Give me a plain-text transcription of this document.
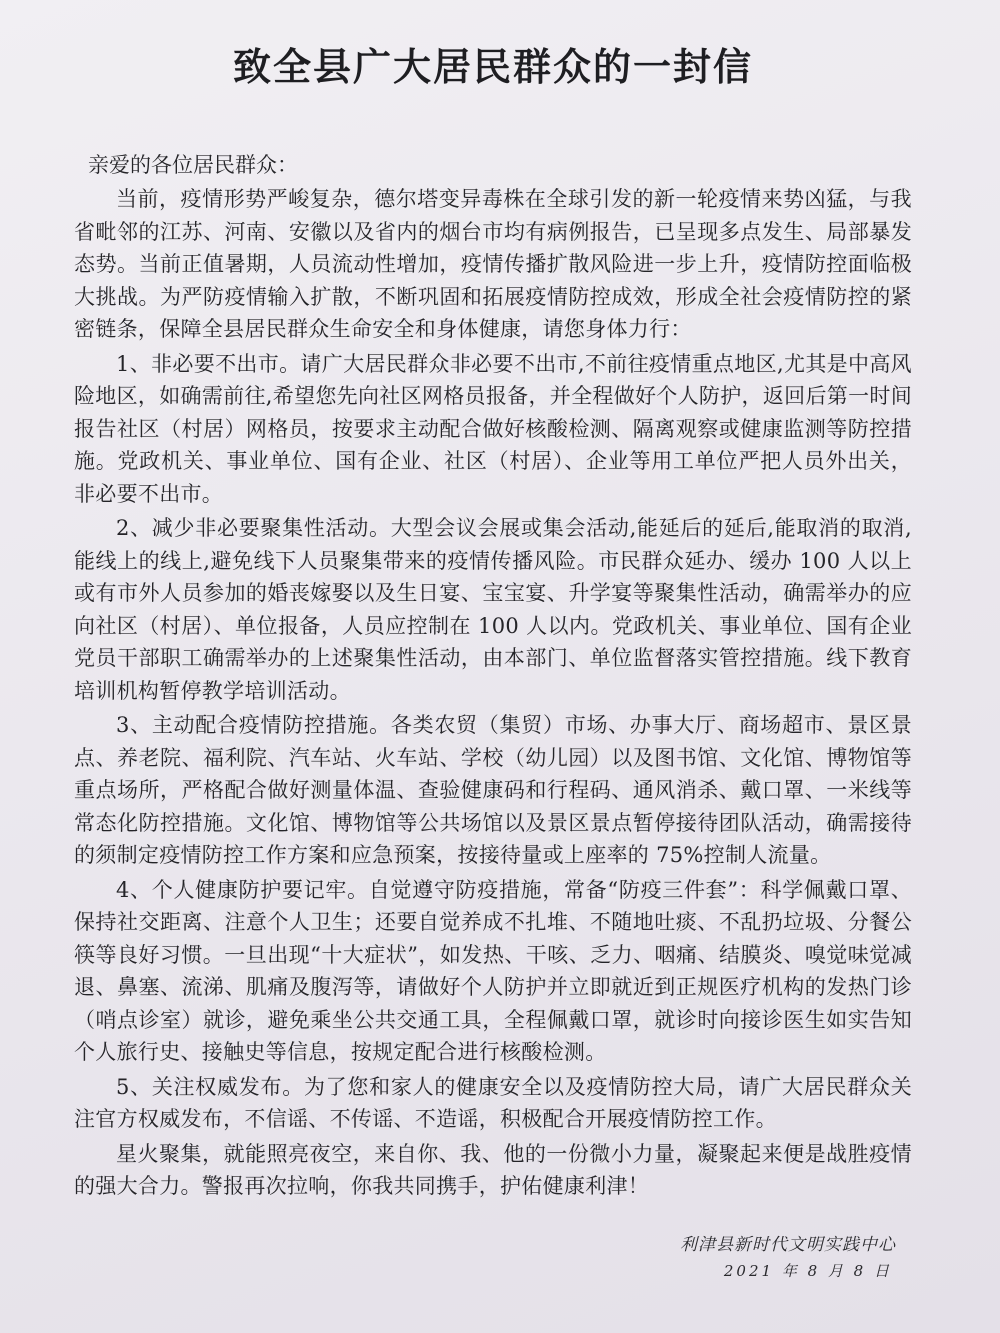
致全县广大居民群众的一封信
亲爱的各位居民群众：

当前，疫情形势严峻复杂，德尔塔变异毒株在全球引发的新一轮疫情来势凶猛，与我省毗邻的江苏、河南、安徽以及省内的烟台市均有病例报告，已呈现多点发生、局部暴发态势。当前正值暑期，人员流动性增加，疫情传播扩散风险进一步上升，疫情防控面临极大挑战。为严防疫情输入扩散，不断巩固和拓展疫情防控成效，形成全社会疫情防控的紧密链条，保障全县居民群众生命安全和身体健康，请您身体力行：

1、非必要不出市。请广大居民群众非必要不出市,不前往疫情重点地区,尤其是中高风险地区，如确需前往,希望您先向社区网格员报备，并全程做好个人防护，返回后第一时间报告社区（村居）网格员，按要求主动配合做好核酸检测、隔离观察或健康监测等防控措施。党政机关、事业单位、国有企业、社区（村居）、企业等用工单位严把人员外出关，非必要不出市。

2、减少非必要聚集性活动。大型会议会展或集会活动,能延后的延后,能取消的取消,能线上的线上,避免线下人员聚集带来的疫情传播风险。市民群众延办、缓办 100 人以上或有市外人员参加的婚丧嫁娶以及生日宴、宝宝宴、升学宴等聚集性活动，确需举办的应向社区（村居）、单位报备，人员应控制在 100 人以内。党政机关、事业单位、国有企业党员干部职工确需举办的上述聚集性活动，由本部门、单位监督落实管控措施。线下教育培训机构暂停教学培训活动。

3、主动配合疫情防控措施。各类农贸（集贸）市场、办事大厅、商场超市、景区景点、养老院、福利院、汽车站、火车站、学校（幼儿园）以及图书馆、文化馆、博物馆等重点场所，严格配合做好测量体温、查验健康码和行程码、通风消杀、戴口罩、一米线等常态化防控措施。文化馆、博物馆等公共场馆以及景区景点暂停接待团队活动，确需接待的须制定疫情防控工作方案和应急预案，按接待量或上座率的 75%控制人流量。

4、个人健康防护要记牢。自觉遵守防疫措施，常备“防疫三件套”：科学佩戴口罩、保持社交距离、注意个人卫生；还要自觉养成不扎堆、不随地吐痰、不乱扔垃圾、分餐公筷等良好习惯。一旦出现“十大症状”，如发热、干咳、乏力、咽痛、结膜炎、嗅觉味觉减退、鼻塞、流涕、肌痛及腹泻等，请做好个人防护并立即就近到正规医疗机构的发热门诊（哨点诊室）就诊，避免乘坐公共交通工具，全程佩戴口罩，就诊时向接诊医生如实告知个人旅行史、接触史等信息，按规定配合进行核酸检测。

5、关注权威发布。为了您和家人的健康安全以及疫情防控大局，请广大居民群众关注官方权威发布，不信谣、不传谣、不造谣，积极配合开展疫情防控工作。

星火聚集，就能照亮夜空，来自你、我、他的一份微小力量，凝聚起来便是战胜疫情的强大合力。警报再次拉响，你我共同携手，护佑健康利津！

利津县新时代文明实践中心
2021 年 8 月 8 日
